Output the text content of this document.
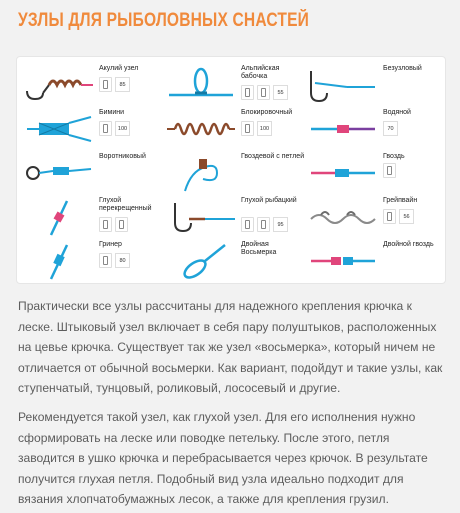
УЗЛЫ ДЛЯ РЫБОЛОВНЫХ СНАСТЕЙ
Акулий узел
85
Альпийская бабочка
55
Безузловый
Бимини
100
Блокировочный
100
Водяной
70
Воротниковый	Гвоздевой с петлей	Гвоздь
Глухой перекрещенный
Глухой рыбацкий
95
Грейпвайн
56
Гринер
80
Двойная Восьмерка
Двойной гвоздь
Практически все узлы рассчитаны для надежного крепления крючка к леске. Штыковый узел включает в себя пару полуштыков, расположенных на цевье крючка. Существует так же узел «восьмерка», который ничем не отличается от обычной восьмерки. Как вариант, подойдут и такие узлы, как ступенчатый, тунцовый, роликовый, лососевый и другие.
Рекомендуется такой узел, как глухой узел. Для его исполнения нужно сформировать на леске или поводке петельку. После этого, петля заводится в ушко крючка и перебрасывается через крючок. В результате получится глухая петля. Подобный вид узла идеально подходит для вязания хлопчатобумажных лесок, а также для крепления грузил.
